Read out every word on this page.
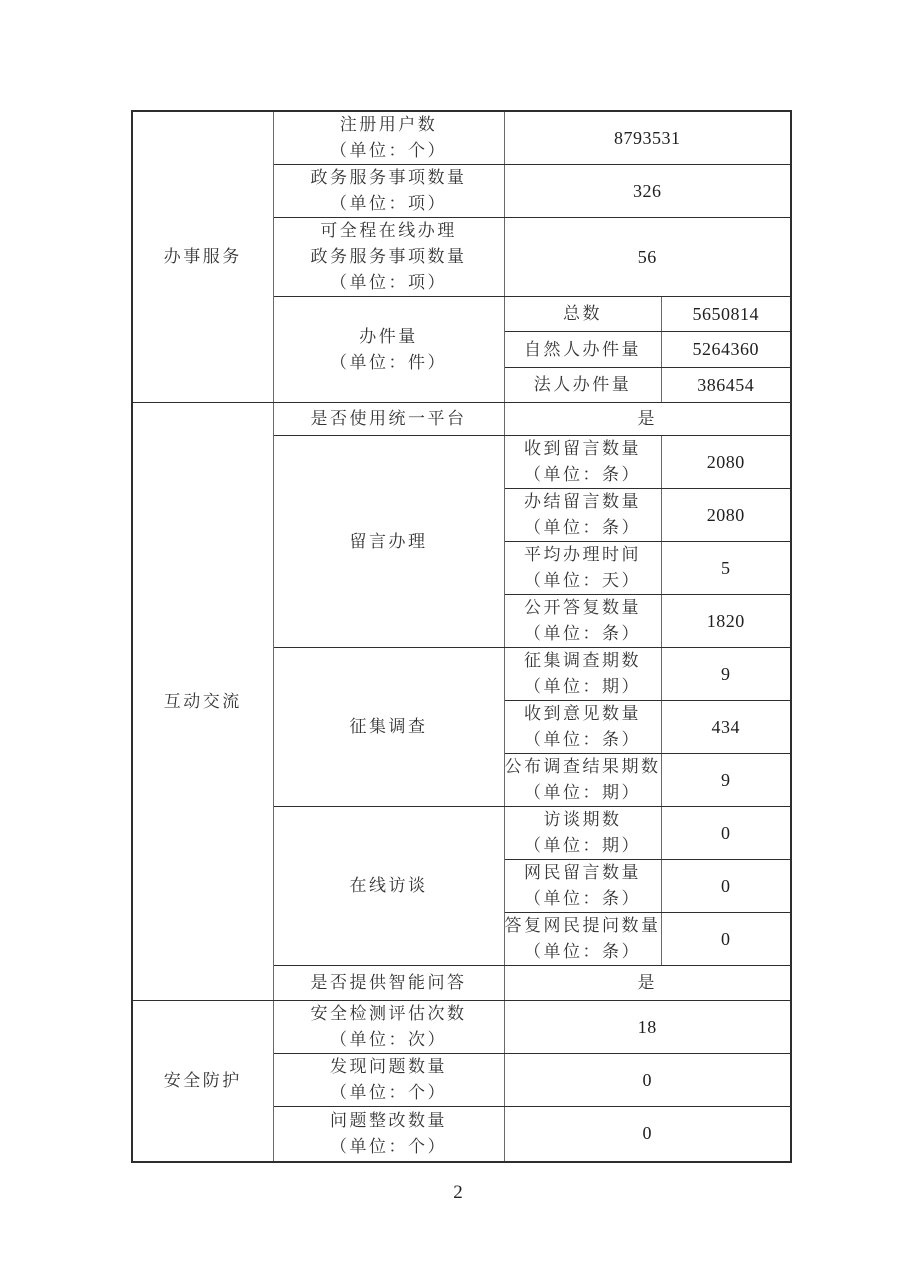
办事服务	注册用户数
（单位：个）	8793531	

	政务服务事项数量
（单位：项）	326	

	可全程在线办理
政务服务事项数量
（单位：项）	56	

	办件量
（单位：件）	总数	5650814

		自然人办件量	5264360

		法人办件量	386454

互动交流	是否使用统一平台	是	

	留言办理	收到留言数量
（单位：条）	2080

		办结留言数量
（单位：条）	2080

		平均办理时间
（单位：天）	5

		公开答复数量
（单位：条）	1820

	征集调查	征集调查期数
（单位：期）	9

		收到意见数量
（单位：条）	434

		公布调查结果期数
（单位：期）	9

	在线访谈	访谈期数
（单位：期）	0

		网民留言数量
（单位：条）	0

		答复网民提问数量
（单位：条）	0

	是否提供智能问答	是	

安全防护	安全检测评估次数
（单位：次）	18	

	发现问题数量
（单位：个）	0	

	问题整改数量
（单位：个）	0	
2
